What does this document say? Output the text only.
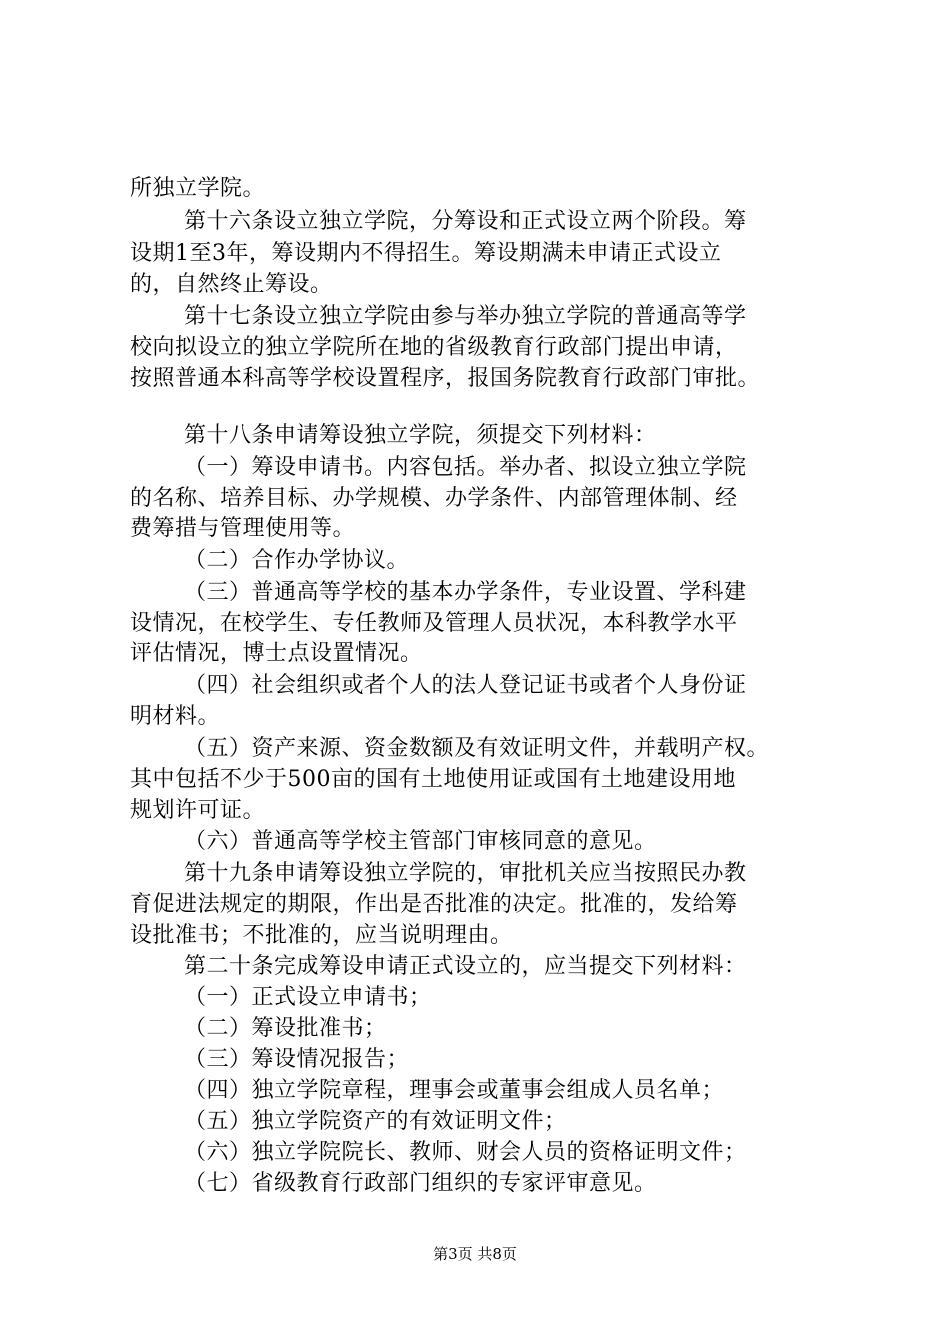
所独立学院。
第十六条设立独立学院，分筹设和正式设立两个阶段。筹
设期1至3年，筹设期内不得招生。筹设期满未申请正式设立
的，自然终止筹设。
第十七条设立独立学院由参与举办独立学院的普通高等学
校向拟设立的独立学院所在地的省级教育行政部门提出申请，
按照普通本科高等学校设置程序，报国务院教育行政部门审批。
第十八条申请筹设独立学院，须提交下列材料：
（一）筹设申请书。内容包括。举办者、拟设立独立学院
的名称、培养目标、办学规模、办学条件、内部管理体制、经
费筹措与管理使用等。
（二）合作办学协议。
（三）普通高等学校的基本办学条件，专业设置、学科建
设情况，在校学生、专任教师及管理人员状况，本科教学水平
评估情况，博士点设置情况。
（四）社会组织或者个人的法人登记证书或者个人身份证
明材料。
（五）资产来源、资金数额及有效证明文件，并载明产权。
其中包括不少于500亩的国有土地使用证或国有土地建设用地
规划许可证。
（六）普通高等学校主管部门审核同意的意见。
第十九条申请筹设独立学院的，审批机关应当按照民办教
育促进法规定的期限，作出是否批准的决定。批准的，发给筹
设批准书；不批准的，应当说明理由。
第二十条完成筹设申请正式设立的，应当提交下列材料：
（一）正式设立申请书；
（二）筹设批准书；
（三）筹设情况报告；
（四）独立学院章程，理事会或董事会组成人员名单；
（五）独立学院资产的有效证明文件；
（六）独立学院院长、教师、财会人员的资格证明文件；
（七）省级教育行政部门组织的专家评审意见。
第3页 共8页
